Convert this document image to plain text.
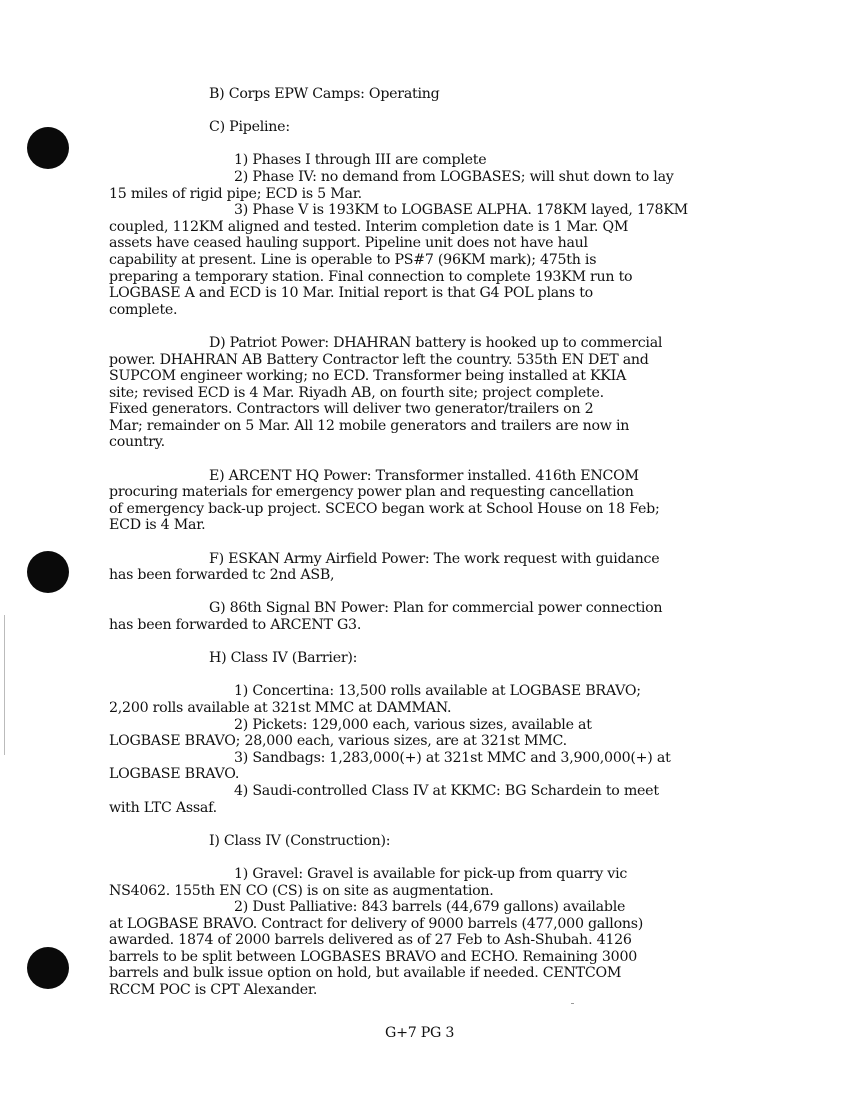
B) Corps EPW Camps: Operating
C) Pipeline:
1) Phases I through III are complete
2) Phase IV: no demand from LOGBASES; will shut down to lay
15 miles of rigid pipe; ECD is 5 Mar.
3) Phase V is 193KM to LOGBASE ALPHA. 178KM layed, 178KM
coupled, 112KM aligned and tested. Interim completion date is 1 Mar. QM
assets have ceased hauling support. Pipeline unit does not have haul
capability at present. Line is operable to PS#7 (96KM mark); 475th is
preparing a temporary station. Final connection to complete 193KM run to
LOGBASE A and ECD is 10 Mar. Initial report is that G4 POL plans to
complete.
D) Patriot Power: DHAHRAN battery is hooked up to commercial
power. DHAHRAN AB Battery Contractor left the country. 535th EN DET and
SUPCOM engineer working; no ECD. Transformer being installed at KKIA
site; revised ECD is 4 Mar. Riyadh AB, on fourth site; project complete.
Fixed generators. Contractors will deliver two generator/trailers on 2
Mar; remainder on 5 Mar. All 12 mobile generators and trailers are now in
country.
E) ARCENT HQ Power: Transformer installed. 416th ENCOM
procuring materials for emergency power plan and requesting cancellation
of emergency back-up project. SCECO began work at School House on 18 Feb;
ECD is 4 Mar.
F) ESKAN Army Airfield Power: The work request with guidance
has been forwarded tc 2nd ASB,
G) 86th Signal BN Power: Plan for commercial power connection
has been forwarded to ARCENT G3.
H) Class IV (Barrier):
1) Concertina: 13,500 rolls available at LOGBASE BRAVO;
2,200 rolls available at 321st MMC at DAMMAN.
2) Pickets: 129,000 each, various sizes, available at
LOGBASE BRAVO; 28,000 each, various sizes, are at 321st MMC.
3) Sandbags: 1,283,000(+) at 321st MMC and 3,900,000(+) at
LOGBASE BRAVO.
4) Saudi-controlled Class IV at KKMC: BG Schardein to meet
with LTC Assaf.
I) Class IV (Construction):
1) Gravel: Gravel is available for pick-up from quarry vic
NS4062. 155th EN CO (CS) is on site as augmentation.
2) Dust Palliative: 843 barrels (44,679 gallons) available
at LOGBASE BRAVO. Contract for delivery of 9000 barrels (477,000 gallons)
awarded. 1874 of 2000 barrels delivered as of 27 Feb to Ash-Shubah. 4126
barrels to be split between LOGBASES BRAVO and ECHO. Remaining 3000
barrels and bulk issue option on hold, but available if needed. CENTCOM
RCCM POC is CPT Alexander.
G+7 PG 3
